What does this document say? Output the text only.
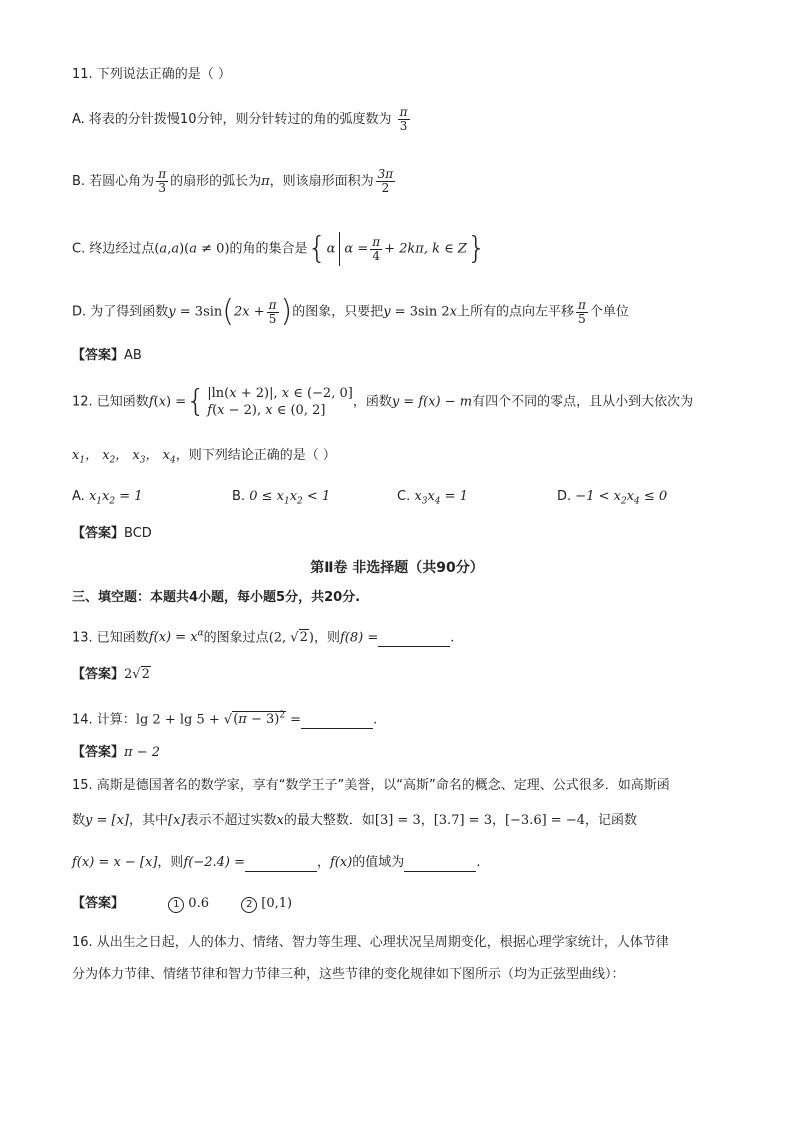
11. 下列说法正确的是（ ）
A. 将表的分针拨慢10分钟，则分针转过的角的弧度数为 $\frac{\pi}{3}$
B. 若圆心角为 $\frac{\pi}{3}$ 的扇形的弧长为π，则该扇形面积为 $\frac{3\pi}{2}$
C. 终边经过点(a,a)(a ≠ 0)的角的集合是{α $\alpha = \frac{\pi}{4} + 2k\pi$, k ∈ Z}
D. 为了得到函数$y = 3\sin(2x + \frac{\pi}{5}$ )的图象，只要把y = 3sin 2x上所有的点向左平移 $\frac{\pi}{5}$ 个单位
【答案】AB
12. 已知函数f(x) ={ |ln(x + 2)|, x ∈ (−2, 0]
f(x − 2), x ∈ (0, 2]
，函数y = f(x) − m有四个不同的零点，且从小到大依次为
$x_1$， $x_2$， $x_3$， $x_4$，则下列结论正确的是（ ）
A. $x_1x_2 = 1$	B. $0 \le x_1x_2 < 1$	C. $x_3x_4 = 1$	D. $-1 < x_2x_4 \le 0$
【答案】BCD
第Ⅱ卷 非选择题（共90分）
三、填空题：本题共4小题，每小题5分，共20分.
13. 已知函数$f(x) = x^\alpha$的图象过点(2, √2)，则f(8) =	.
【答案】2√2
14. 计算：$\lg 2 + \lg 5 + √(\pi - 3)^2$ =	.
【答案】π − 2
15. 高斯是德国著名的数学家，享有“数学王子”美誉，以“高斯”命名的概念、定理、公式很多．如高斯函
数y = [x]，其中[x]表示不超过实数x的最大整数．如[3] = 3，[3.7] = 3，[−3.6] = −4，记函数
f(x) = x − [x]，则f(−2.4) =	，f(x)的值域为	.
【答案】	1 0.6	2 [0,1)
16. 从出生之日起，人的体力、情绪、智力等生理、心理状况呈周期变化，根据心理学家统计，人体节律
分为体力节律、情绪节律和智力节律三种，这些节律的变化规律如下图所示（均为正弦型曲线）：
